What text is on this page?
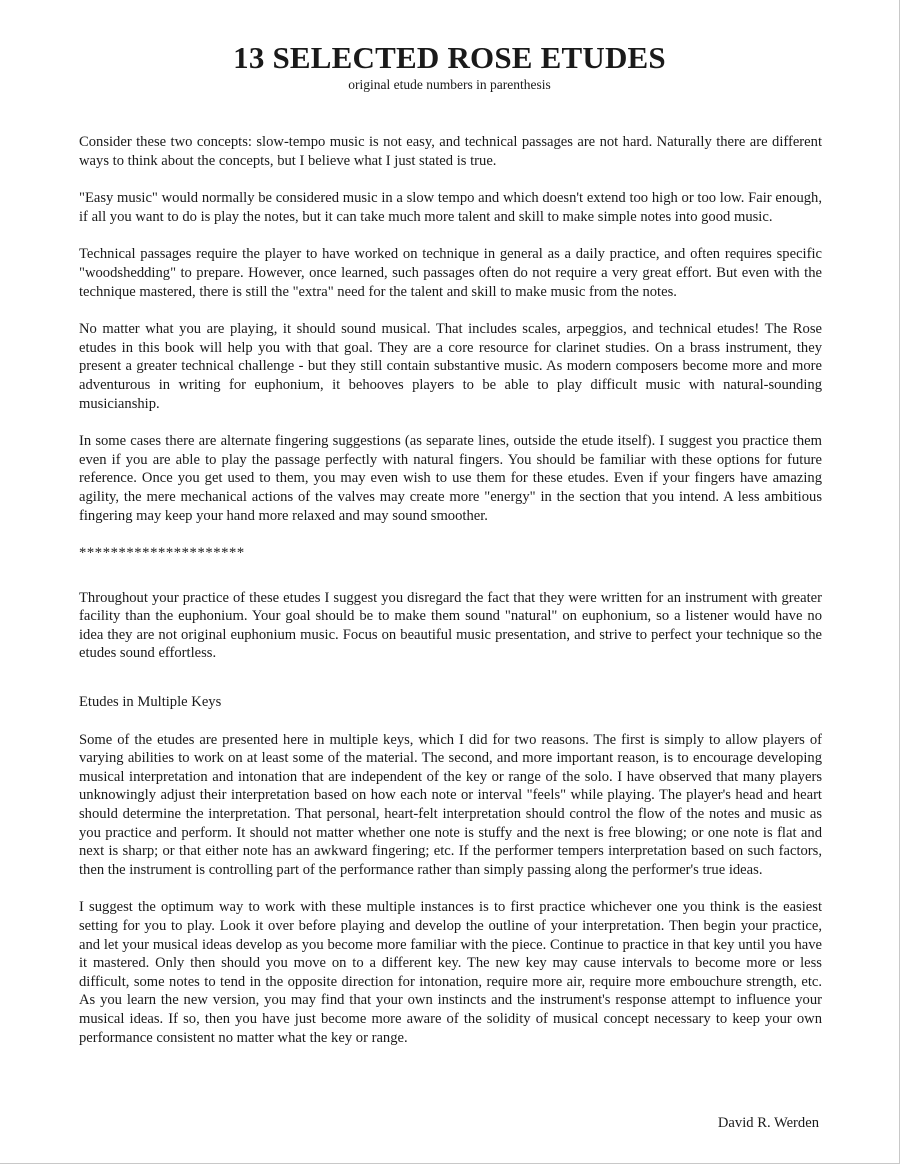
13 SELECTED ROSE ETUDES

original etude numbers in parenthesis

Consider these two concepts: slow-tempo music is not easy, and technical passages are not hard. Naturally there are different ways to think about the concepts, but I believe what I just stated is true.

"Easy music" would normally be considered music in a slow tempo and which doesn't extend too high or too low. Fair enough, if all you want to do is play the notes, but it can take much more talent and skill to make simple notes into good music.

Technical passages require the player to have worked on technique in general as a daily practice, and often requires specific "woodshedding" to prepare. However, once learned, such passages often do not require a very great effort. But even with the technique mastered, there is still the "extra" need for the talent and skill to make music from the notes.

No matter what you are playing, it should sound musical. That includes scales, arpeggios, and technical etudes! The Rose etudes in this book will help you with that goal. They are a core resource for clarinet studies. On a brass instrument, they present a greater technical challenge - but they still contain substantive music. As modern composers become more and more adventurous in writing for euphonium, it behooves players to be able to play difficult music with natural-sounding musicianship.

In some cases there are alternate fingering suggestions (as separate lines, outside the etude itself). I suggest you practice them even if you are able to play the passage perfectly with natural fingers. You should be familiar with these options for future reference. Once you get used to them, you may even wish to use them for these etudes. Even if your fingers have amazing agility, the mere mechanical actions of the valves may create more "energy" in the section that you intend. A less ambitious fingering may keep your hand more relaxed and may sound smoother.

*********************

Throughout your practice of these etudes I suggest you disregard the fact that they were written for an instrument with greater facility than the euphonium. Your goal should be to make them sound "natural" on euphonium, so a listener would have no idea they are not original euphonium music. Focus on beautiful music presentation, and strive to perfect your technique so the etudes sound effortless.

Etudes in Multiple Keys

Some of the etudes are presented here in multiple keys, which I did for two reasons. The first is simply to allow players of varying abilities to work on at least some of the material. The second, and more important reason, is to encourage developing musical interpretation and intonation that are independent of the key or range of the solo. I have observed that many players unknowingly adjust their interpretation based on how each note or interval "feels" while playing. The player's head and heart should determine the interpretation. That personal, heart-felt interpretation should control the flow of the notes and music as you practice and perform. It should not matter whether one note is stuffy and the next is free blowing; or one note is flat and next is sharp; or that either note has an awkward fingering; etc. If the performer tempers interpretation based on such factors, then the instrument is controlling part of the performance rather than simply passing along the performer's true ideas.

I suggest the optimum way to work with these multiple instances is to first practice whichever one you think is the easiest setting for you to play. Look it over before playing and develop the outline of your interpretation. Then begin your practice, and let your musical ideas develop as you become more familiar with the piece. Continue to practice in that key until you have it mastered. Only then should you move on to a different key. The new key may cause intervals to become more or less difficult, some notes to tend in the opposite direction for intonation, require more air, require more embouchure strength, etc. As you learn the new version, you may find that your own instincts and the instrument's response attempt to influence your musical ideas. If so, then you have just become more aware of the solidity of musical concept necessary to keep your own performance consistent no matter what the key or range.

David R. Werden
